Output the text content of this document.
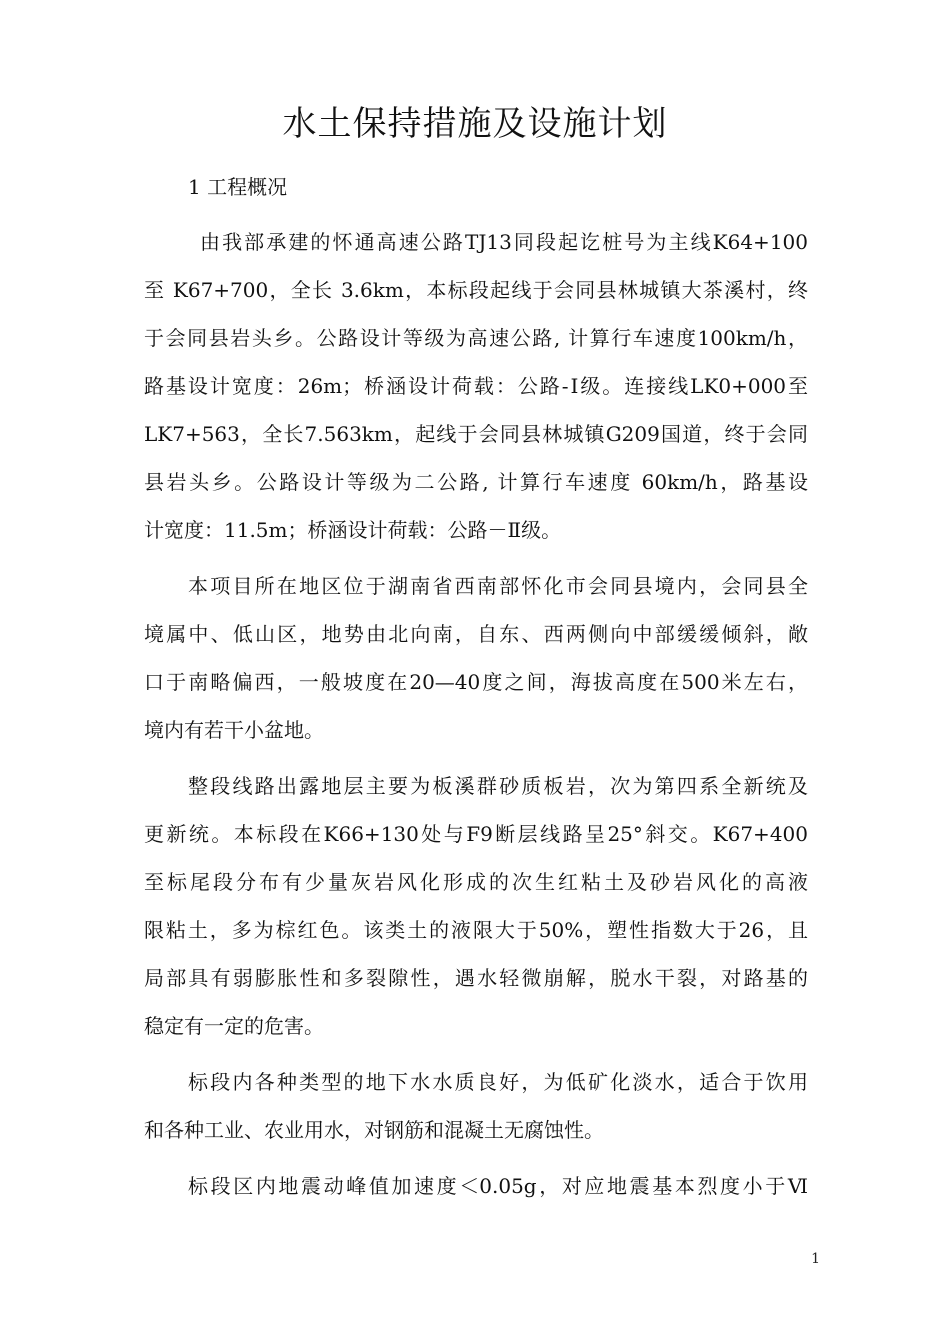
水土保持措施及设施计划
1 工程概况
由我部承建的怀通高速公路TJ13同段起讫桩号为主线K64+100
至 K67+700，全长 3.6km，本标段起线于会同县林城镇大茶溪村，终
于会同县岩头乡。公路设计等级为高速公路, 计算行车速度100km/h，
路基设计宽度：26m；桥涵设计荷载：公路-Ⅰ级。连接线LK0+000至
LK7+563，全长7.563km，起线于会同县林城镇G209国道，终于会同
县岩头乡。公路设计等级为二公路, 计算行车速度 60km/h，路基设
计宽度：11.5m；桥涵设计荷载：公路－Ⅱ级。
本项目所在地区位于湖南省西南部怀化市会同县境内，会同县全
境属中、低山区，地势由北向南，自东、西两侧向中部缓缓倾斜，敞
口于南略偏西，一般坡度在20—40度之间，海拔高度在500米左右，
境内有若干小盆地。
整段线路出露地层主要为板溪群砂质板岩，次为第四系全新统及
更新统。本标段在K66+130处与F9断层线路呈25°斜交。K67+400
至标尾段分布有少量灰岩风化形成的次生红粘土及砂岩风化的高液
限粘土，多为棕红色。该类土的液限大于50%，塑性指数大于26，且
局部具有弱膨胀性和多裂隙性，遇水轻微崩解，脱水干裂，对路基的
稳定有一定的危害。
标段内各种类型的地下水水质良好，为低矿化淡水，适合于饮用
和各种工业、农业用水，对钢筋和混凝土无腐蚀性。
标段区内地震动峰值加速度＜0.05g，对应地震基本烈度小于Ⅵ
1
